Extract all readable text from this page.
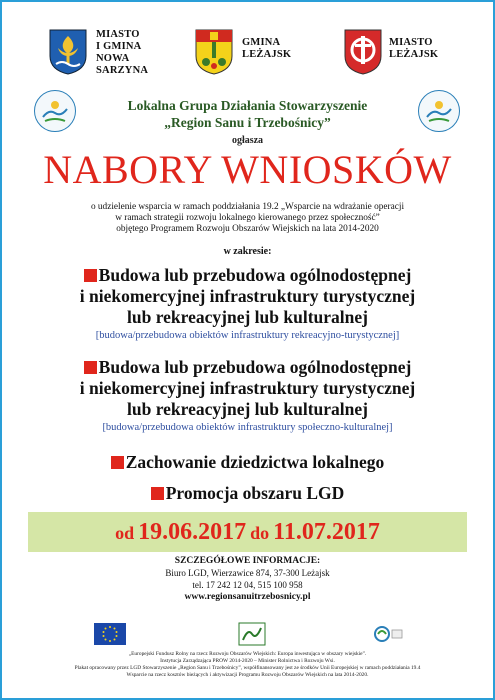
MIASTO
I GMINA
NOWA
SARZYNA
GMINA
LEŻAJSK
MIASTO
LEŻAJSK
Lokalna Grupa Działania Stowarzyszenie
„Region Sanu i Trzebośnicy”
ogłasza
NABORY WNIOSKÓW
o udzielenie wsparcia w ramach poddziałania 19.2 „Wsparcie na wdrażanie operacji
w ramach strategii rozwoju lokalnego kierowanego przez społeczność”
objętego Programem Rozwoju Obszarów Wiejskich na lata 2014-2020
w zakresie:
Budowa lub przebudowa ogólnodostępnej
i niekomercyjnej infrastruktury turystycznej
lub rekreacyjnej lub kulturalnej
[budowa/przebudowa obiektów infrastruktury rekreacyjno-turystycznej]
Budowa lub przebudowa ogólnodostępnej
i niekomercyjnej infrastruktury turystycznej
lub rekreacyjnej lub kulturalnej
[budowa/przebudowa obiektów infrastruktury społeczno-kulturalnej]
Zachowanie dziedzictwa lokalnego
Promocja obszaru LGD
od 19.06.2017 do 11.07.2017
SZCZEGÓŁOWE INFORMACJE:
Biuro LGD, Wierzawice 874, 37-300 Leżajsk
tel. 17 242 12 04, 515 100 958
www.regionsanuitrzebosnicy.pl
„Europejski Fundusz Rolny na rzecz Rozwoju Obszarów Wiejskich: Europa inwestująca w obszary wiejskie”.
Instytucja Zarządzająca PROW 2014-2020 – Minister Rolnictwa i Rozwoju Wsi.
Plakat opracowany przez LGD Stowarzyszenie „Region Sanu i Trzebośnicy”, współfinansowany jest ze środków Unii Europejskiej w ramach poddziałania 19.4
Wsparcie na rzecz kosztów bieżących i aktywizacji Programu Rozwoju Obszarów Wiejskich na lata 2014-2020.
